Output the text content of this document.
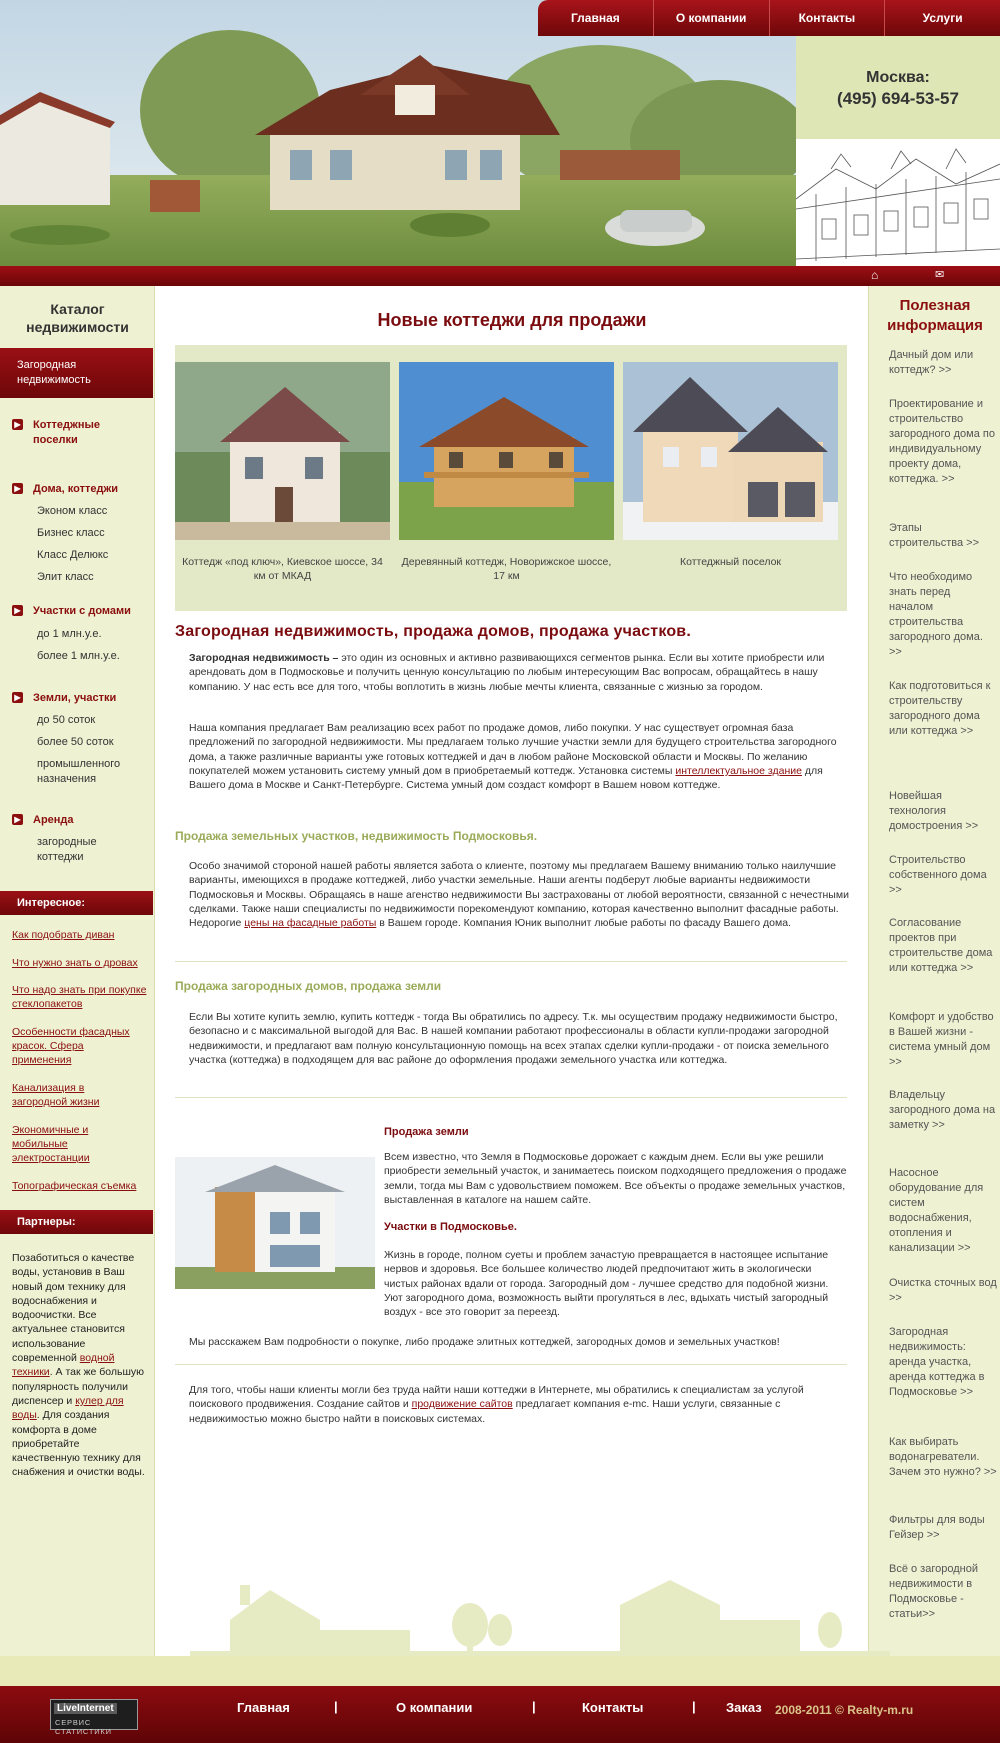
Главная	О компании	Контакты	Услуги
Москва:
(495) 694-53-57
⌂	✉
Каталог недвижимости
Загородная недвижимость
▶ Коттеджные поселки
▶ Дома, коттеджи
Эконом класс
Бизнес класс
Класс Делюкс
Элит класс
▶ Участки с домами
до 1 млн.у.е.
более 1 млн.у.е.
▶ Земли, участки
до 50 соток
более 50 соток
промышленного назначения
▶ Аренда
загородные коттеджи
Интересное:
Как подобрать диван
Что нужно знать о дровах
Что надо знать при покупке стеклопакетов
Особенности фасадных красок. Сфера применения
Канализация в загородной жизни
Экономичные и мобильные электростанции
Топографическая съемка
Партнеры:
Позаботиться о качестве воды, установив в Ваш новый дом технику для водоснабжения и водоочистки. Все актуальнее становится использование современной водной техники. А так же большую популярность получили диспенсер и кулер для воды. Для создания комфорта в доме приобретайте качественную технику для снабжения и очистки воды.
Полезная информация
Дачный дом или коттедж? >>
Проектирование и строительство загородного дома по индивидуальному проекту дома, коттеджа. >>
Этапы строительства >>
Что необходимо знать перед началом строительства загородного дома. >>
Как подготовиться к строительству загородного дома или коттеджа >>
Новейшая технология домостроения >>
Строительство собственного дома >>
Согласование проектов при строительстве дома или коттеджа >>
Комфорт и удобство в Вашей жизни - система умный дом >>
Владельцу загородного дома на заметку >>
Насосное оборудование для систем водоснабжения, отопления и канализации >>
Очистка сточных вод >>
Загородная недвижимость: аренда участка, аренда коттеджа в Подмосковье >>
Как выбирать водонагреватели. Зачем это нужно? >>
Фильтры для воды Гейзер >>
Всё о загородной недвижимости в Подмосковье - статьи>>
Новые коттеджи для продажи
Коттедж «под ключ», Киевское шоссе, 34 км от МКАД
Деревянный коттедж, Новорижское шоссе, 17 км
Коттеджный поселок
Загородная недвижимость, продажа домов, продажа участков.
Загородная недвижимость – это один из основных и активно развивающихся сегментов рынка. Если вы хотите приобрести или арендовать дом в Подмосковье и получить ценную консультацию по любым интересующим Вас вопросам, обращайтесь в нашу компанию. У нас есть все для того, чтобы воплотить в жизнь любые мечты клиента, связанные с жизнью за городом.
Наша компания предлагает Вам реализацию всех работ по продаже домов, либо покупки. У нас существует огромная база предложений по загородной недвижимости. Мы предлагаем только лучшие участки земли для будущего строительства загородного дома, а также различные варианты уже готовых коттеджей и дач в любом районе Московской области и Москвы. По желанию покупателей можем установить систему умный дом в приобретаемый коттедж. Установка системы интеллектуальное здание для Вашего дома в Москве и Санкт-Петербурге. Система умный дом создаст комфорт в Вашем новом коттедже.
Продажа земельных участков, недвижимость Подмосковья.
Особо значимой стороной нашей работы является забота о клиенте, поэтому мы предлагаем Вашему вниманию только наилучшие варианты, имеющихся в продаже коттеджей, либо участки земельные. Наши агенты подберут любые варианты недвижимости Подмосковья и Москвы. Обращаясь в наше агенство недвижимости Вы застрахованы от любой вероятности, связанной с нечестными сделками. Также наши специалисты по недвижимости порекомендуют компанию, которая качественно выполнит фасадные работы. Недорогие цены на фасадные работы в Вашем городе. Компания Юник выполнит любые работы по фасаду Вашего дома.
Продажа загородных домов, продажа земли
Если Вы хотите купить землю, купить коттедж - тогда Вы обратились по адресу. Т.к. мы осуществим продажу недвижимости быстро, безопасно и с максимальной выгодой для Вас. В нашей компании работают профессионалы в области купли-продажи загородной недвижимости, и предлагают вам полную консультационную помощь на всех этапах сделки купли-продажи - от поиска земельного участка (коттеджа) в подходящем для вас районе до оформления продажи земельного участка или коттеджа.
Продажа земли
Всем известно, что Земля в Подмосковье дорожает с каждым днем. Если вы уже решили приобрести земельный участок, и занимаетесь поиском подходящего предложения о продаже земли, тогда мы Вам с удовольствием поможем. Все объекты о продаже земельных участков, выставленная в каталоге на нашем сайте.
Участки в Подмосковье.
Жизнь в городе, полном суеты и проблем зачастую превращается в настоящее испытание нервов и здоровья. Все большее количество людей предпочитают жить в экологически чистых районах вдали от города. Загородный дом - лучшее средство для подобной жизни. Уют загородного дома, возможность выйти прогуляться в лес, вдыхать чистый загородный воздух - все это говорит за переезд.
Мы расскажем Вам подробности о покупке, либо продаже элитных коттеджей, загородных домов и земельных участков!
Для того, чтобы наши клиенты могли без труда найти наши коттеджи в Интернете, мы обратились к специалистам за услугой поискового продвижения. Создание сайтов и продвижение сайтов предлагает компания e-mc. Наши услуги, связанные с недвижимостью можно быстро найти в поисковых системах.
LiveInternet
СЕРВИС СТАТИСТИКИ
Главная	|	О компании	|	Контакты	| Заказ 2008-2011 © Realty-m.ru
